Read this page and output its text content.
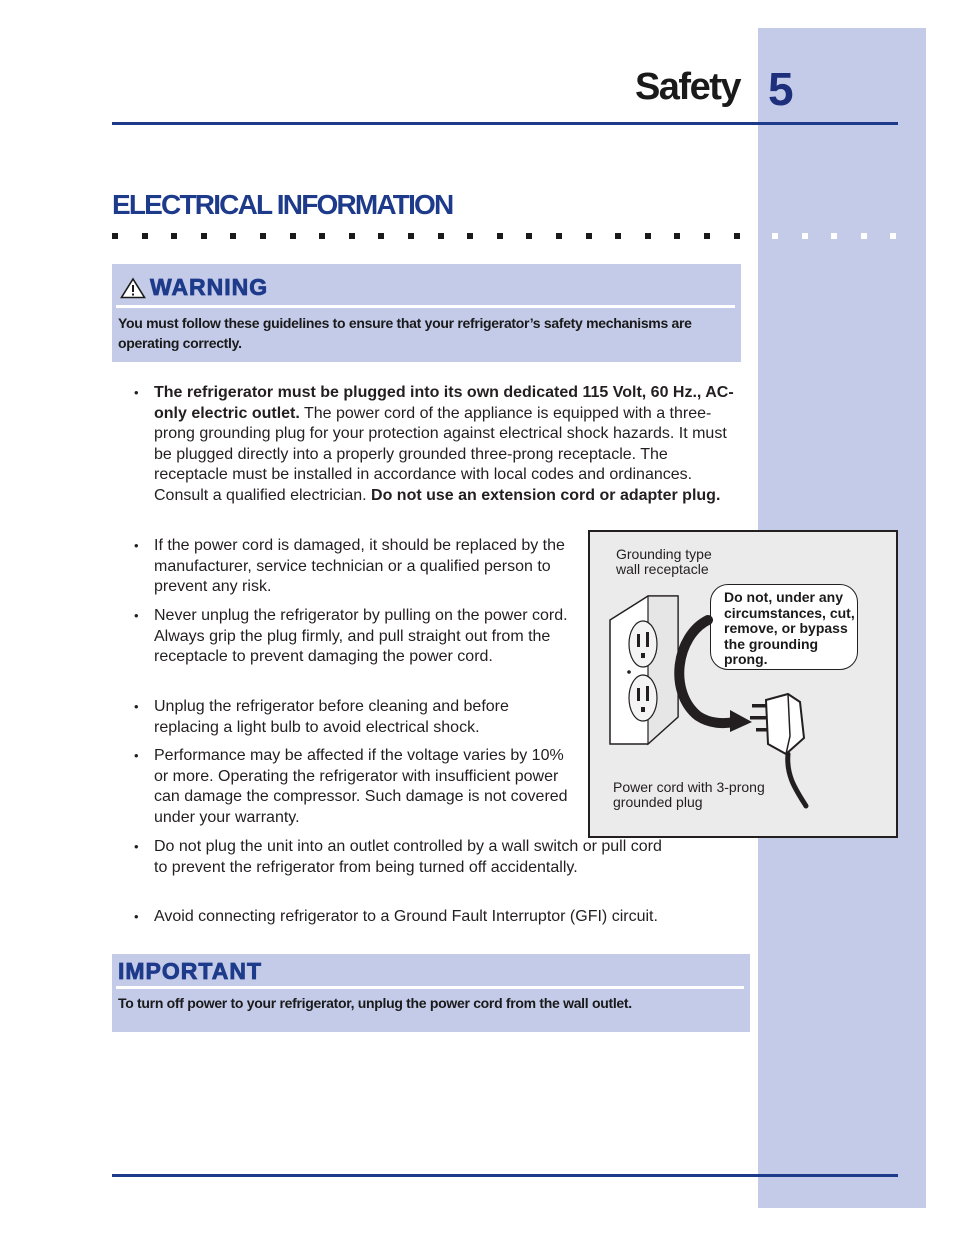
Safety 5
ELECTRICAL INFORMATION
WARNING
You must follow these guidelines to ensure that your refrigerator’s safety mechanisms are operating correctly.
• The refrigerator must be plugged into its own dedicated 115 Volt, 60 Hz., AC-only electric outlet. The power cord of the appliance is equipped with a three-prong grounding plug for your protection against electrical shock hazards. It must be plugged directly into a properly grounded three-prong receptacle. The receptacle must be installed in accordance with local codes and ordinances. Consult a qualified electrician. Do not use an extension cord or adapter plug.
• If the power cord is damaged, it should be replaced by the manufacturer, service technician or a qualified person to prevent any risk.
• Never unplug the refrigerator by pulling on the power cord. Always grip the plug firmly, and pull straight out from the receptacle to prevent damaging the power cord.
• Unplug the refrigerator before cleaning and before replacing a light bulb to avoid electrical shock.
• Performance may be affected if the voltage varies by 10% or more. Operating the refrigerator with insufficient power can damage the compressor. Such damage is not covered under your warranty.
• Do not plug the unit into an outlet controlled by a wall switch or pull cord to prevent the refrigerator from being turned off accidentally.
• Avoid connecting refrigerator to a Ground Fault Interruptor (GFI) circuit.
Grounding type wall receptacle
Do not, under any circumstances, cut, remove, or bypass the grounding prong.
Power cord with 3-prong grounded plug
IMPORTANT
To turn off power to your refrigerator, unplug the power cord from the wall outlet.
